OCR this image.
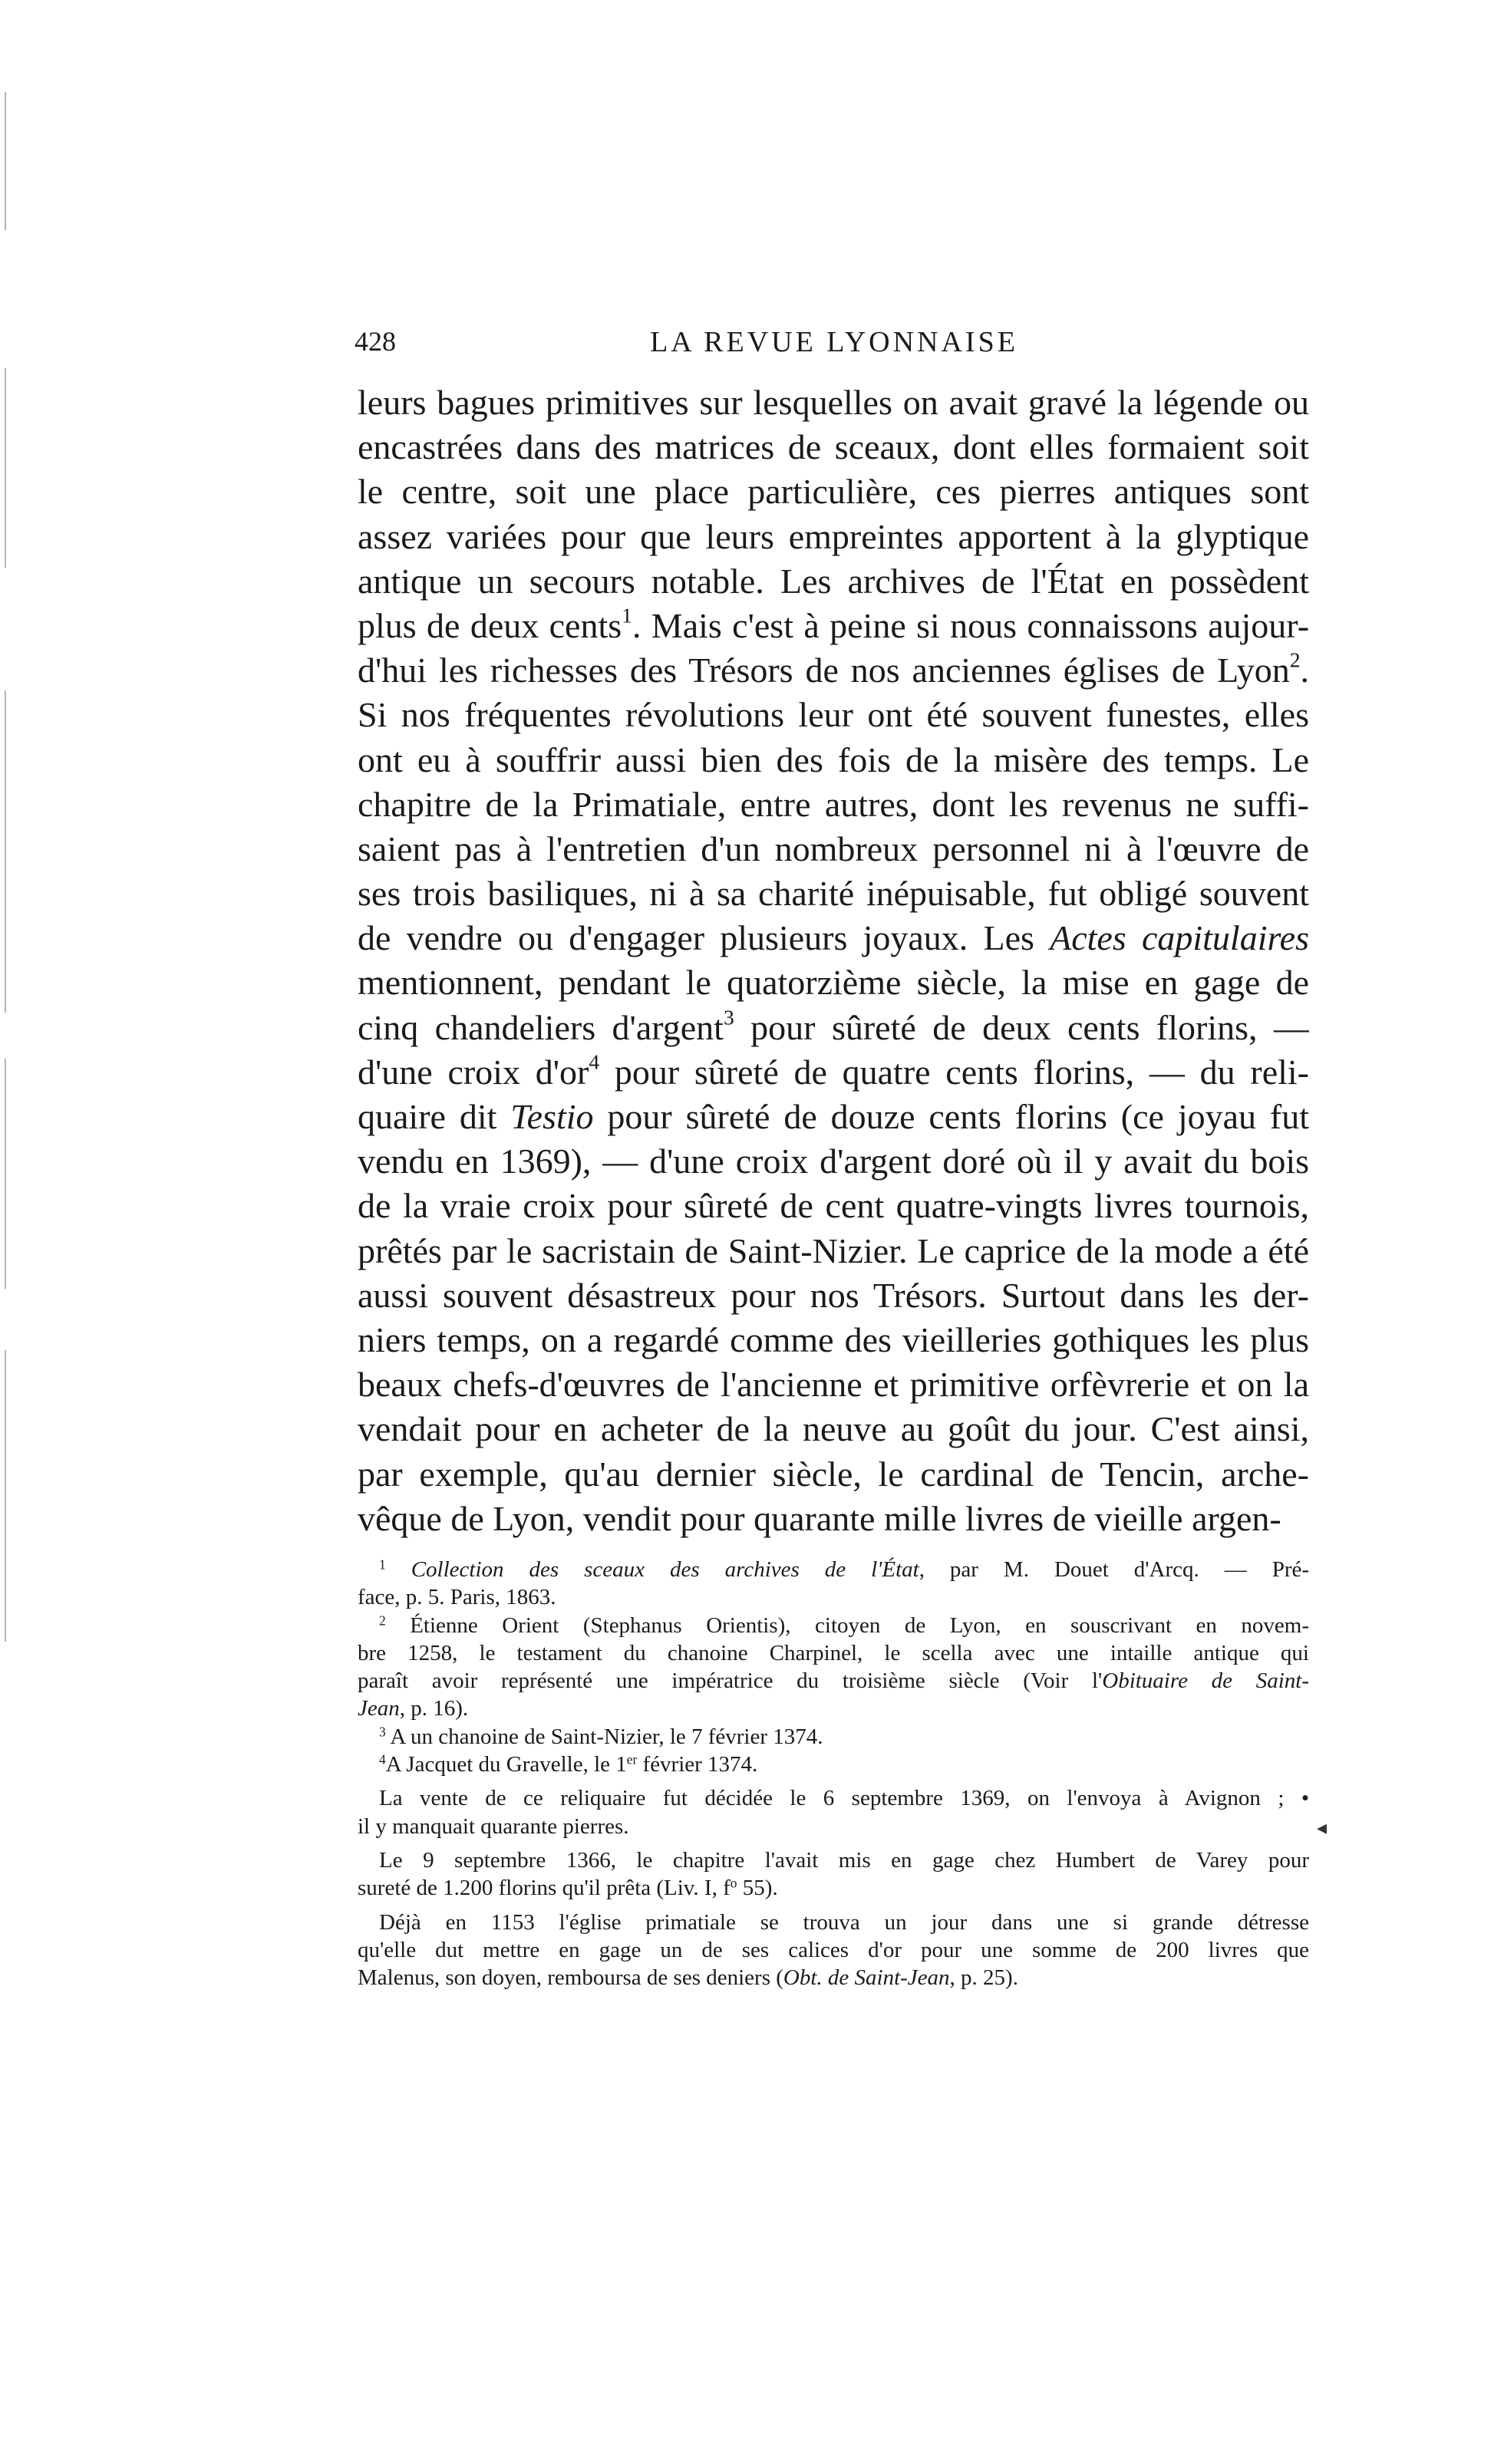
428	LA REVUE LYONNAISE
leurs bagues primitives sur lesquelles on avait gravé la légende ou
encastrées dans des matrices de sceaux, dont elles formaient soit
le centre, soit une place particulière, ces pierres antiques sont
assez variées pour que leurs empreintes apportent à la glyptique
antique un secours notable. Les archives de l'État en possèdent
plus de deux cents$^1$. Mais c'est à peine si nous connaissons aujour-
d'hui les richesses des Trésors de nos anciennes églises de Lyon$^2$.
Si nos fréquentes révolutions leur ont été souvent funestes, elles
ont eu à souffrir aussi bien des fois de la misère des temps. Le
chapitre de la Primatiale, entre autres, dont les revenus ne suffi-
saient pas à l'entretien d'un nombreux personnel ni à l'œuvre de
ses trois basiliques, ni à sa charité inépuisable, fut obligé souvent
de vendre ou d'engager plusieurs joyaux. Les Actes capitulaires
mentionnent, pendant le quatorzième siècle, la mise en gage de
cinq chandeliers d'argent$^3$ pour sûreté de deux cents florins, —
d'une croix $d'or^4$ pour sûreté de quatre cents florins, — du reli-
quaire dit Testio pour sûreté de douze cents florins (ce joyau fut
vendu en 1369), — d'une croix d'argent doré où il y avait du bois
de la vraie croix pour sûreté de cent quatre-vingts livres tournois,
prêtés par le sacristain de Saint-Nizier. Le caprice de la mode a été
aussi souvent désastreux pour nos Trésors. Surtout dans les der-
niers temps, on a regardé comme des vieilleries gothiques les plus
beaux chefs-d'œuvres de l'ancienne et primitive orfèvrerie et on la
vendait pour en acheter de la neuve au goût du jour. C'est ainsi,
par exemple, qu'au dernier siècle, le cardinal de Tencin, arche-
vêque de Lyon, vendit pour quarante mille livres de vieille argen-
$^1$ Collection des sceaux des archives de l'État, par M. Douet d'Arcq. — Pré-
face, p. 5. Paris, 1863.
$^2$ Étienne Orient (Stephanus Orientis), citoyen de Lyon, en souscrivant en novem-
bre 1258, le testament du chanoine Charpinel, le scella avec une intaille antique qui
paraît avoir représenté une impératrice du troisième siècle (Voir l'Obituaire de Saint-
Jean, p. 16).
$^3$ A un chanoine de Saint-Nizier, le 7 février 1374.
$^4$A Jacquet du Gravelle, le 1er février 1374.
La vente de ce reliquaire fut décidée le 6 septembre 1369, on l'envoya à Avignon ; •
il y manquait quarante pierres.
Le 9 septembre 1366, le chapitre l'avait mis en gage chez Humbert de Varey pour
sureté de 1.200 florins qu'il prêta (Liv. I, $f^o$ 55).
Déjà en 1153 l'église primatiale se trouva un jour dans une si grande détresse
qu'elle dut mettre en gage un de ses calices d'or pour une somme de 200 livres que
Malenus, son doyen, remboursa de ses deniers (Obt. de Saint-Jean, p. 25).
◂
